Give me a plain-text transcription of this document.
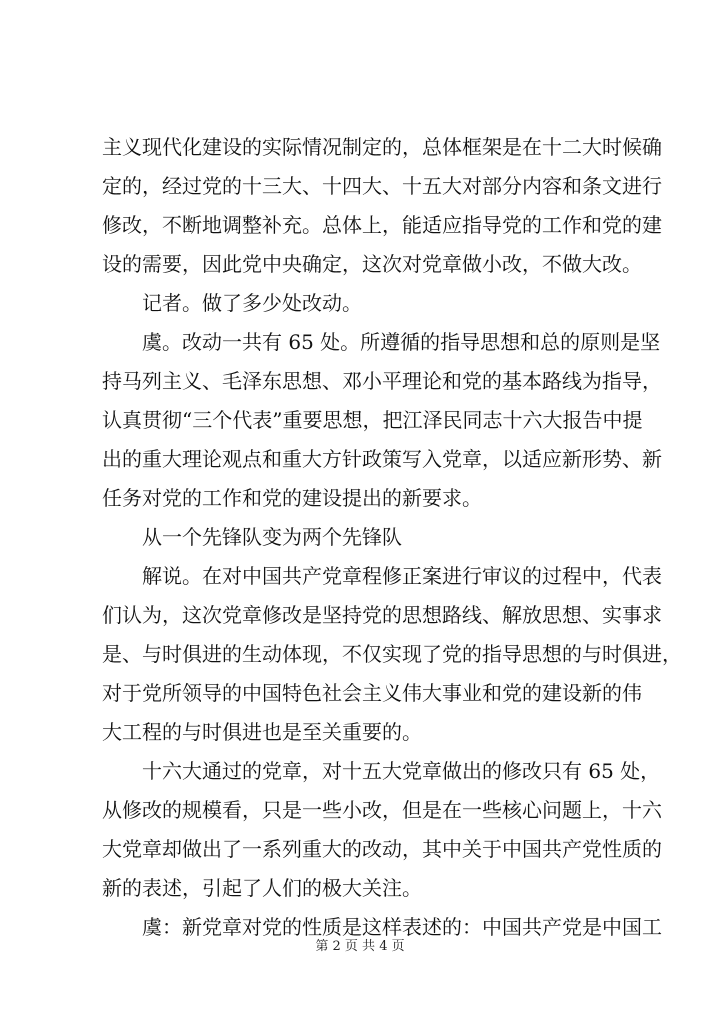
主义现代化建设的实际情况制定的，总体框架是在十二大时候确
定的，经过党的十三大、十四大、十五大对部分内容和条文进行
修改，不断地调整补充。总体上，能适应指导党的工作和党的建
设的需要，因此党中央确定，这次对党章做小改，不做大改。
记者。做了多少处改动。
虞。改动一共有 65 处。所遵循的指导思想和总的原则是坚
持马列主义、毛泽东思想、邓小平理论和党的基本路线为指导，
认真贯彻“三个代表”重要思想，把江泽民同志十六大报告中提
出的重大理论观点和重大方针政策写入党章，以适应新形势、新
任务对党的工作和党的建设提出的新要求。
从一个先锋队变为两个先锋队
解说。在对中国共产党章程修正案进行审议的过程中，代表
们认为，这次党章修改是坚持党的思想路线、解放思想、实事求
是、与时俱进的生动体现，不仅实现了党的指导思想的与时俱进，
对于党所领导的中国特色社会主义伟大事业和党的建设新的伟
大工程的与时俱进也是至关重要的。
十六大通过的党章，对十五大党章做出的修改只有 65 处，
从修改的规模看，只是一些小改，但是在一些核心问题上，十六
大党章却做出了一系列重大的改动，其中关于中国共产党性质的
新的表述，引起了人们的极大关注。
虞：新党章对党的性质是这样表述的：中国共产党是中国工
第 2 页 共 4 页
